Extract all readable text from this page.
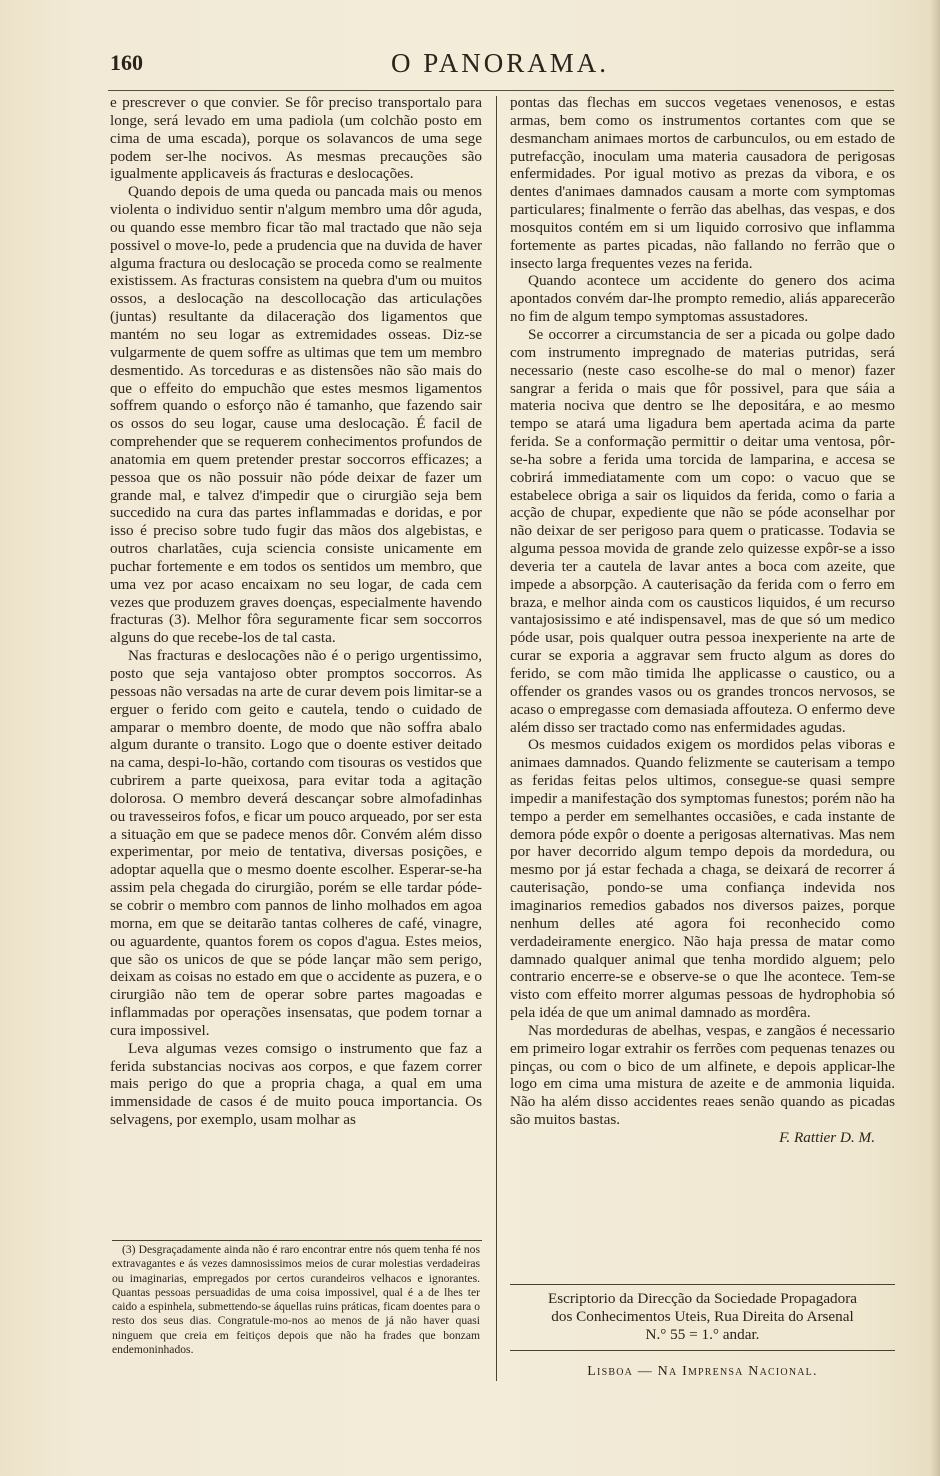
160	O PANORAMA.

e prescrever o que convier. Se fôr preciso transportalo para longe, será levado em uma padiola (um colchão posto em cima de uma escada), porque os solavancos de uma sege podem ser-lhe nocivos. As mesmas precauções são igualmente applicaveis ás fracturas e deslocações.

Quando depois de uma queda ou pancada mais ou menos violenta o individuo sentir n'algum membro uma dôr aguda, ou quando esse membro ficar tão mal tractado que não seja possivel o move-lo, pede a prudencia que na duvida de haver alguma fractura ou deslocação se proceda como se realmente existissem. As fracturas consistem na quebra d'um ou muitos ossos, a deslocação na descollocação das articulações (juntas) resultante da dilaceração dos ligamentos que mantém no seu logar as extremidades osseas. Diz-se vulgarmente de quem soffre as ultimas que tem um membro desmentido. As torceduras e as distensões não são mais do que o effeito do empuchão que estes mesmos ligamentos soffrem quando o esforço não é tamanho, que fazendo sair os ossos do seu logar, cause uma deslocação. É facil de comprehender que se requerem conhecimentos profundos de anatomia em quem pretender prestar soccorros efficazes; a pessoa que os não possuir não póde deixar de fazer um grande mal, e talvez d'impedir que o cirurgião seja bem succedido na cura das partes inflammadas e doridas, e por isso é preciso sobre tudo fugir das mãos dos algebistas, e outros charlatães, cuja sciencia consiste unicamente em puchar fortemente e em todos os sentidos um membro, que uma vez por acaso encaixam no seu logar, de cada cem vezes que produzem graves doenças, especialmente havendo fracturas (3). Melhor fôra seguramente ficar sem soccorros alguns do que recebe-los de tal casta.

Nas fracturas e deslocações não é o perigo urgentissimo, posto que seja vantajoso obter promptos soccorros. As pessoas não versadas na arte de curar devem pois limitar-se a erguer o ferido com geito e cautela, tendo o cuidado de amparar o membro doente, de modo que não soffra abalo algum durante o transito. Logo que o doente estiver deitado na cama, despi-lo-hão, cortando com tisouras os vestidos que cubrirem a parte queixosa, para evitar toda a agitação dolorosa. O membro deverá descançar sobre almofadinhas ou travesseiros fofos, e ficar um pouco arqueado, por ser esta a situação em que se padece menos dôr. Convém além disso experimentar, por meio de tentativa, diversas posições, e adoptar aquella que o mesmo doente escolher. Esperar-se-ha assim pela chegada do cirurgião, porém se elle tardar póde-se cobrir o membro com pannos de linho molhados em agoa morna, em que se deitarão tantas colheres de café, vinagre, ou aguardente, quantos forem os copos d'agua. Estes meios, que são os unicos de que se póde lançar mão sem perigo, deixam as coisas no estado em que o accidente as puzera, e o cirurgião não tem de operar sobre partes magoadas e inflammadas por operações insensatas, que podem tornar a cura impossivel.

Leva algumas vezes comsigo o instrumento que faz a ferida substancias nocivas aos corpos, e que fazem correr mais perigo do que a propria chaga, a qual em uma immensidade de casos é de muito pouca importancia. Os selvagens, por exemplo, usam molhar as

(3) Desgraçadamente ainda não é raro encontrar entre nós quem tenha fé nos extravagantes e ás vezes damnosissimos meios de curar molestias verdadeiras ou imaginarias, empregados por certos curandeiros velhacos e ignorantes. Quantas pessoas persuadidas de uma coisa impossivel, qual é a de lhes ter caido a espinhela, submettendo-se áquellas ruins práticas, ficam doentes para o resto dos seus dias. Congratule-mo-nos ao menos de já não haver quasi ninguem que creia em feitiços depois que não ha frades que bonzam endemoninhados.

pontas das flechas em succos vegetaes venenosos, e estas armas, bem como os instrumentos cortantes com que se desmancham animaes mortos de carbunculos, ou em estado de putrefacção, inoculam uma materia causadora de perigosas enfermidades. Por igual motivo as prezas da vibora, e os dentes d'animaes damnados causam a morte com symptomas particulares; finalmente o ferrão das abelhas, das vespas, e dos mosquitos contém em si um liquido corrosivo que inflamma fortemente as partes picadas, não fallando no ferrão que o insecto larga frequentes vezes na ferida.

Quando acontece um accidente do genero dos acima apontados convém dar-lhe prompto remedio, aliás apparecerão no fim de algum tempo symptomas assustadores.

Se occorrer a circumstancia de ser a picada ou golpe dado com instrumento impregnado de materias putridas, será necessario (neste caso escolhe-se do mal o menor) fazer sangrar a ferida o mais que fôr possivel, para que sáia a materia nociva que dentro se lhe depositára, e ao mesmo tempo se atará uma ligadura bem apertada acima da parte ferida. Se a conformação permittir o deitar uma ventosa, pôr-se-ha sobre a ferida uma torcida de lamparina, e accesa se cobrirá immediatamente com um copo: o vacuo que se estabelece obriga a sair os liquidos da ferida, como o faria a acção de chupar, expediente que não se póde aconselhar por não deixar de ser perigoso para quem o praticasse. Todavia se alguma pessoa movida de grande zelo quizesse expôr-se a isso deveria ter a cautela de lavar antes a boca com azeite, que impede a absorpção. A cauterisação da ferida com o ferro em braza, e melhor ainda com os causticos liquidos, é um recurso vantajosissimo e até indispensavel, mas de que só um medico póde usar, pois qualquer outra pessoa inexperiente na arte de curar se exporia a aggravar sem fructo algum as dores do ferido, se com mão timida lhe applicasse o caustico, ou a offender os grandes vasos ou os grandes troncos nervosos, se acaso o empregasse com demasiada affouteza. O enfermo deve além disso ser tractado como nas enfermidades agudas.

Os mesmos cuidados exigem os mordidos pelas viboras e animaes damnados. Quando felizmente se cauterisam a tempo as feridas feitas pelos ultimos, consegue-se quasi sempre impedir a manifestação dos symptomas funestos; porém não ha tempo a perder em semelhantes occasiões, e cada instante de demora póde expôr o doente a perigosas alternativas. Mas nem por haver decorrido algum tempo depois da mordedura, ou mesmo por já estar fechada a chaga, se deixará de recorrer á cauterisação, pondo-se uma confiança indevida nos imaginarios remedios gabados nos diversos paizes, porque nenhum delles até agora foi reconhecido como verdadeiramente energico. Não haja pressa de matar como damnado qualquer animal que tenha mordido alguem; pelo contrario encerre-se e observe-se o que lhe acontece. Tem-se visto com effeito morrer algumas pessoas de hydrophobia só pela idéa de que um animal damnado as mordêra.

Nas mordeduras de abelhas, vespas, e zangãos é necessario em primeiro logar extrahir os ferrões com pequenas tenazes ou pinças, ou com o bico de um alfinete, e depois applicar-lhe logo em cima uma mistura de azeite e de ammonia liquida. Não ha além disso accidentes reaes senão quando as picadas são muitos bastas.

F. Rattier D. M.
Escriptorio da Direcção da Sociedade Propagadora
dos Conhecimentos Uteis, Rua Direita do Arsenal
N.° 55 = 1.° andar.
Lisboa — Na Imprensa Nacional.
